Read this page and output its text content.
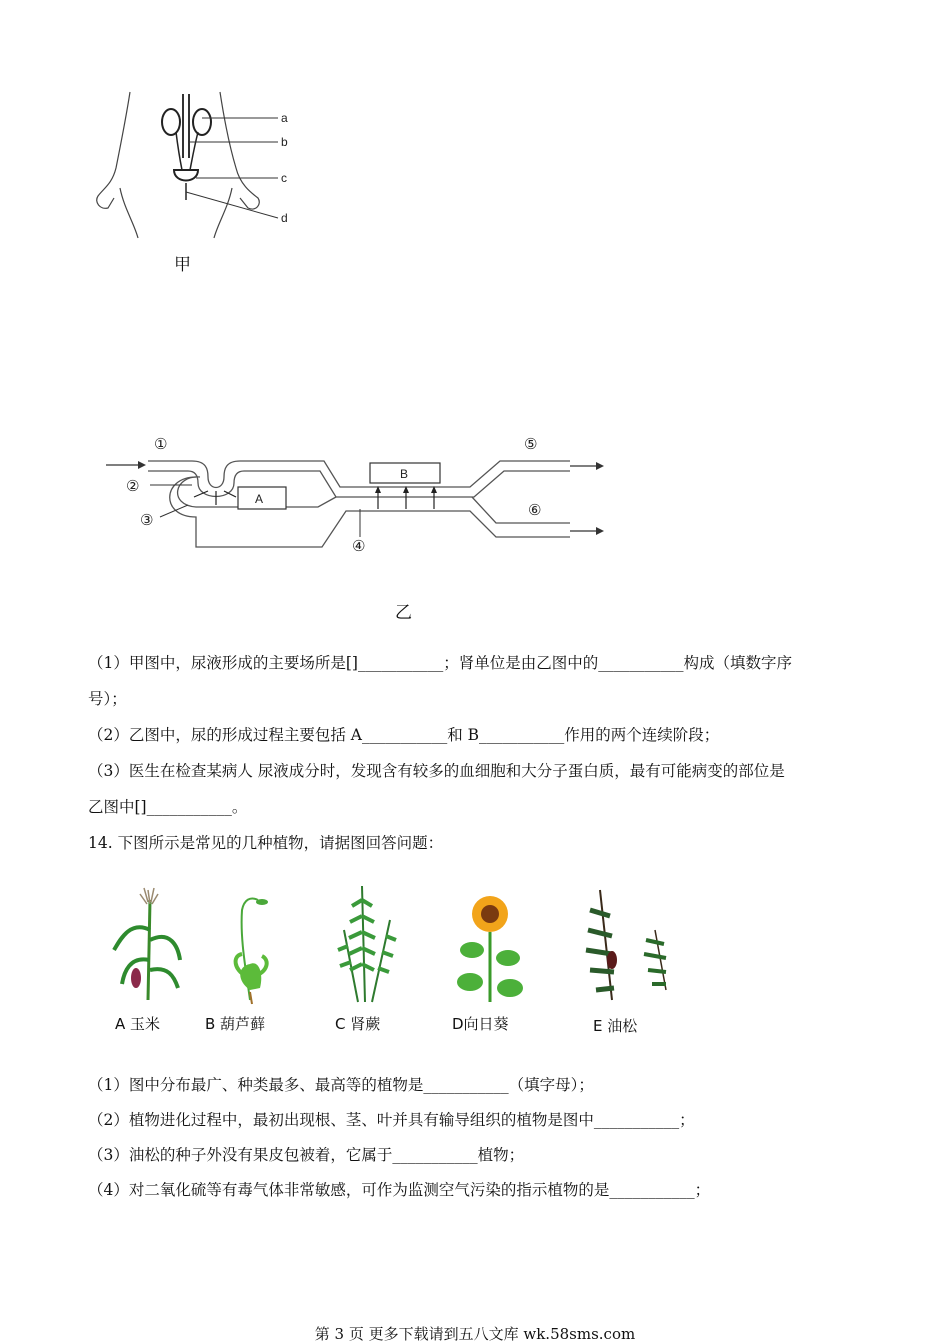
a
b
c
d
甲
A
B
①
②
③
④
⑤
⑥
乙
（1）甲图中，尿液形成的主要场所是[]___________；肾单位是由乙图中的___________构成（填数字序
号）；
（2）乙图中，尿的形成过程主要包括 A___________和 B___________作用的两个连续阶段；
（3）医生在检查某病人 尿液成分时，发现含有较多的血细胞和大分子蛋白质，最有可能病变的部位是
乙图中[]___________。
14. 下图所示是常见的几种植物，请据图回答问题：
A 玉米	B 葫芦藓	C 肾蕨	D向日葵	E 油松
（1）图中分布最广、种类最多、最高等的植物是___________（填字母）；
（2）植物进化过程中，最初出现根、茎、叶并具有输导组织的植物是图中___________；
（3）油松的种子外没有果皮包被着，它属于___________植物；
（4）对二氧化硫等有毒气体非常敏感，可作为监测空气污染的指示植物的是___________；
第 3 页 更多下载请到五八文库 wk.58sms.com
